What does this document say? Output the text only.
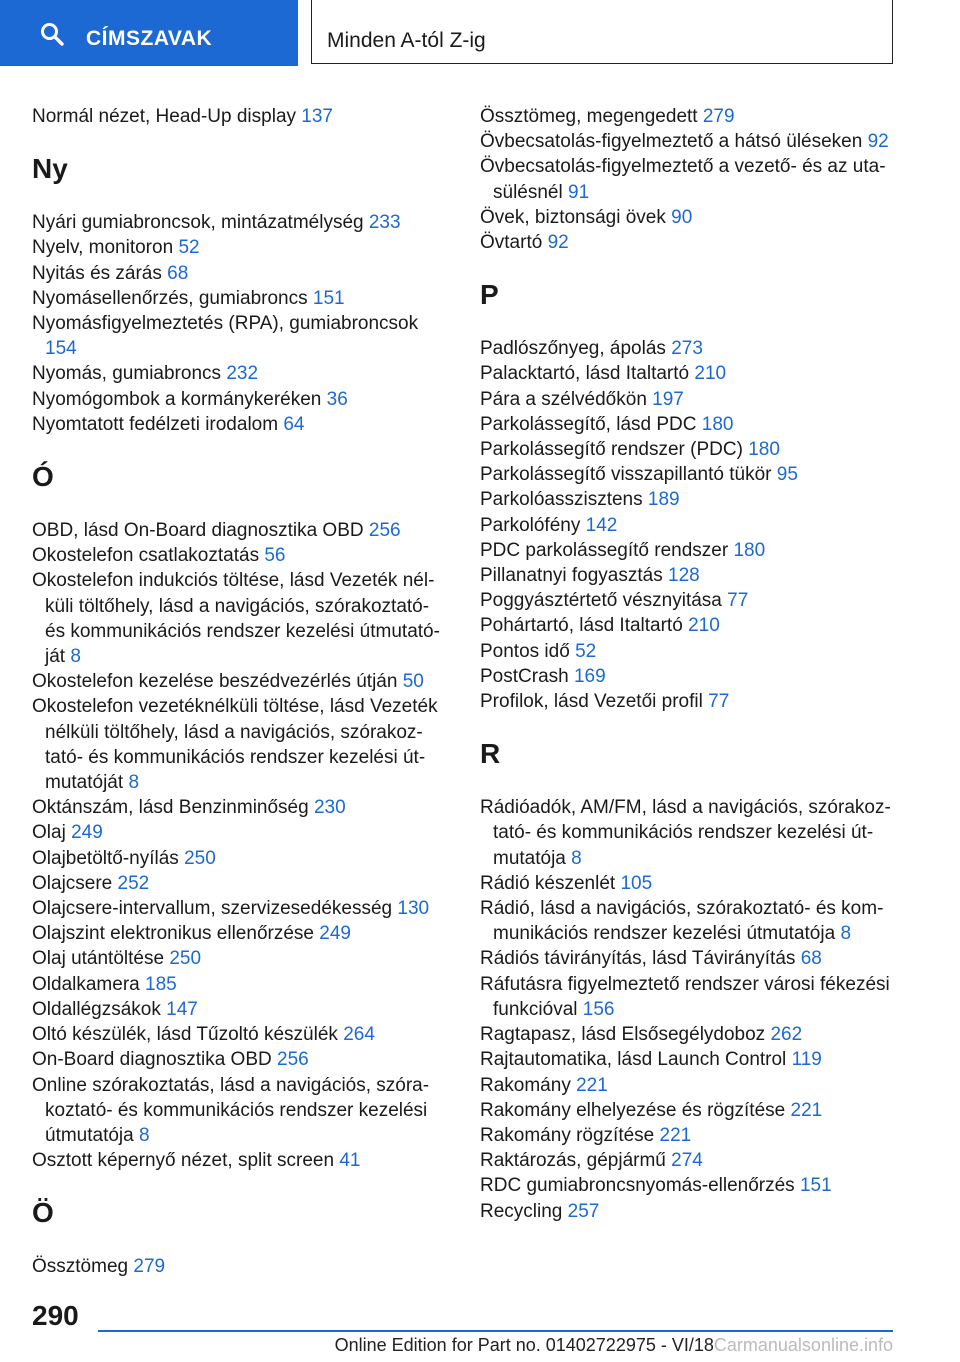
CÍMSZAVAK	Minden A-tól Z-ig
Normál nézet, Head-Up display 137
Ny
Nyári gumiabroncsok, mintázatmélység 233
Nyelv, monitoron 52
Nyitás és zárás 68
Nyomásellenőrzés, gumiabroncs 151
Nyomásfigyelmeztetés (RPA), gumiabroncsok 154
Nyomás, gumiabroncs 232
Nyomógombok a kormánykeréken 36
Nyomtatott fedélzeti irodalom 64
Ó
OBD, lásd On-Board diagnosztika OBD 256
Okostelefon csatlakoztatás 56
Okostelefon indukciós töltése, lásd Vezeték nélküli töltőhely, lásd a navigációs, szórakoztató- és kommunikációs rendszer kezelési útmutatóját 8
Okostelefon kezelése beszédvezérlés útján 50
Okostelefon vezetéknélküli töltése, lásd Vezeték nélküli töltőhely, lásd a navigációs, szórakoztató- és kommunikációs rendszer kezelési útmutatóját 8
Oktánszám, lásd Benzinminőség 230
Olaj 249
Olajbetöltő-nyílás 250
Olajcsere 252
Olajcsere-intervallum, szervizesedékesség 130
Olajszint elektronikus ellenőrzése 249
Olaj utántöltése 250
Oldalkamera 185
Oldallégzsákok 147
Oltó készülék, lásd Tűzoltó készülék 264
On-Board diagnosztika OBD 256
Online szórakoztatás, lásd a navigációs, szórakoztató- és kommunikációs rendszer kezelési útmutatója 8
Osztott képernyő nézet, split screen 41
Ö
Össztömeg 279
Össztömeg, megengedett 279
Övbecsatolás-figyelmeztető a hátsó üléseken 92
Övbecsatolás-figyelmeztető a vezető- és az utasülésnél 91
Övek, biztonsági övek 90
Övtartó 92
P
Padlószőnyeg, ápolás 273
Palacktartó, lásd Italtartó 210
Pára a szélvédőkön 197
Parkolássegítő, lásd PDC 180
Parkolássegítő rendszer (PDC) 180
Parkolássegítő visszapillantó tükör 95
Parkolóasszisztens 189
Parkolófény 142
PDC parkolássegítő rendszer 180
Pillanatnyi fogyasztás 128
Poggyásztértető vésznyitása 77
Pohártartó, lásd Italtartó 210
Pontos idő 52
PostCrash 169
Profilok, lásd Vezetői profil 77
R
Rádióadók, AM/FM, lásd a navigációs, szórakoztató- és kommunikációs rendszer kezelési útmutatója 8
Rádió készenlét 105
Rádió, lásd a navigációs, szórakoztató- és kommunikációs rendszer kezelési útmutatója 8
Rádiós távirányítás, lásd Távirányítás 68
Ráfutásra figyelmeztető rendszer városi fékezési funkcióval 156
Ragtapasz, lásd Elsősegélydoboz 262
Rajtautomatika, lásd Launch Control 119
Rakomány 221
Rakomány elhelyezése és rögzítése 221
Rakomány rögzítése 221
Raktározás, gépjármű 274
RDC gumiabroncsnyomás-ellenőrzés 151
Recycling 257
290
Online Edition for Part no. 01402722975 - VI/18Carmanualsonline.info
